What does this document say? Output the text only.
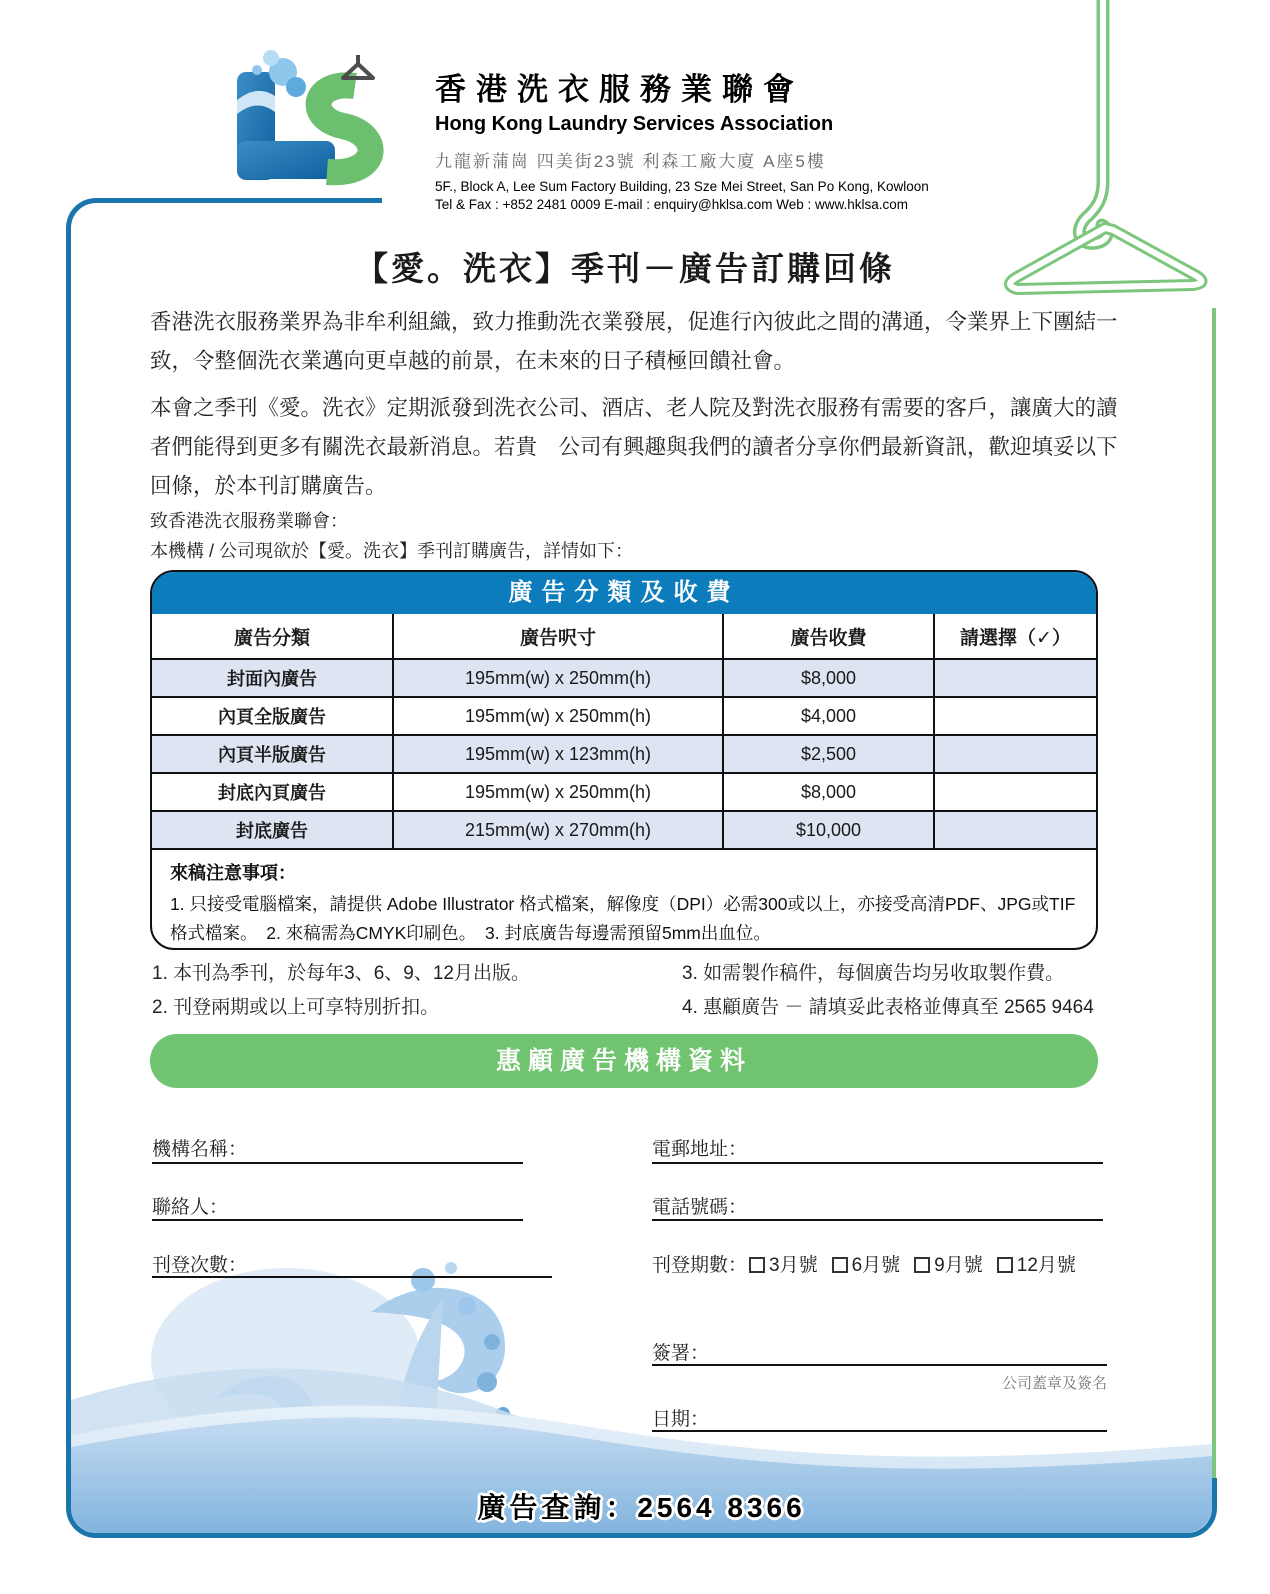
香港洗衣服務業聯會
Hong Kong Laundry Services Association
九龍新蒲崗 四美街23號 利森工廠大廈 A座5樓
5F., Block A, Lee Sum Factory Building, 23 Sze Mei Street, San Po Kong, Kowloon
Tel & Fax : +852 2481 0009 E-mail : enquiry@hklsa.com Web : www.hklsa.com
【愛。洗衣】季刊－廣告訂購回條
香港洗衣服務業界為非牟利組織，致力推動洗衣業發展，促進行內彼此之間的溝通，令業界上下團結一致，令整個洗衣業邁向更卓越的前景，在未來的日子積極回饋社會。
本會之季刊《愛。洗衣》定期派發到洗衣公司、酒店、老人院及對洗衣服務有需要的客戶，讓廣大的讀者們能得到更多有關洗衣最新消息。若貴　公司有興趣與我們的讀者分享你們最新資訊，歡迎填妥以下回條，於本刊訂購廣告。
致香港洗衣服務業聯會：
本機構 / 公司現欲於【愛。洗衣】季刊訂購廣告，詳情如下：
廣告分類及收費
廣告分類	廣告呎寸	廣告收費	請選擇（✓）
封面內廣告	195mm(w) x 250mm(h)	$8,000
內頁全版廣告	195mm(w) x 250mm(h)	$4,000
內頁半版廣告	195mm(w) x 123mm(h)	$2,500
封底內頁廣告	195mm(w) x 250mm(h)	$8,000
封底廣告	215mm(w) x 270mm(h)	$10,000
來稿注意事項：
1. 只接受電腦檔案，請提供 Adobe Illustrator 格式檔案，解像度（DPI）必需300或以上，亦接受高清PDF、JPG或TIF格式檔案。　2. 來稿需為CMYK印刷色。　3. 封底廣告每邊需預留5mm出血位。
1. 本刊為季刊，於每年3、6、9、12月出版。
2. 刊登兩期或以上可享特別折扣。
3. 如需製作稿件，每個廣告均另收取製作費。
4. 惠顧廣告 － 請填妥此表格並傳真至 2565 9464
惠顧廣告機構資料
機構名稱：	電郵地址：
聯絡人：	電話號碼：
刊登次數：	刊登期數： 3月號 6月號 9月號 12月號
簽署：
公司蓋章及簽名
日期：
廣告查詢：2564 8366
